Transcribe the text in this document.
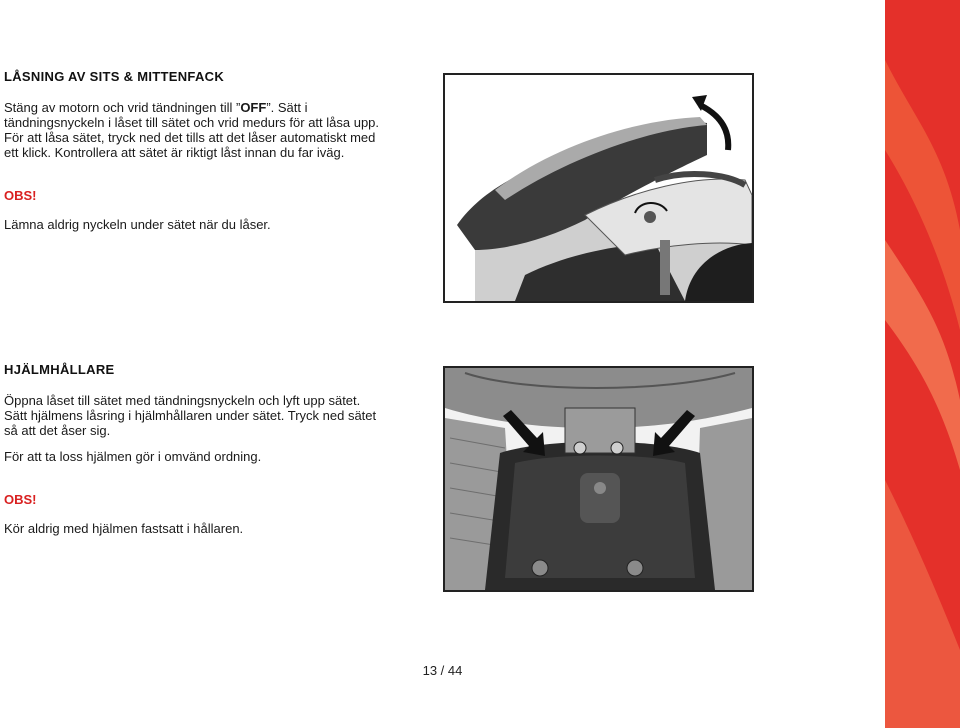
LÅSNING AV SITS & MITTENFACK

Stäng av motorn och vrid tändningen till ”OFF”. Sätt i
tändningsnyckeln i låset till sätet och vrid medurs för att låsa upp.
För att låsa sätet, tryck ned det tills att det låser automatiskt med
ett klick. Kontrollera att sätet är riktigt låst innan du far iväg.

OBS!

Lämna aldrig nyckeln under sätet när du låser.

HJÄLMHÅLLARE

Öppna låset till sätet med tändningsnyckeln och lyft upp sätet.
Sätt hjälmens låsring i hjälmhållaren under sätet. Tryck ned sätet
så att det åser sig.

För att ta loss hjälmen gör i omvänd ordning.

OBS!

Kör aldrig med hjälmen fastsatt i hållaren.

13 / 44
